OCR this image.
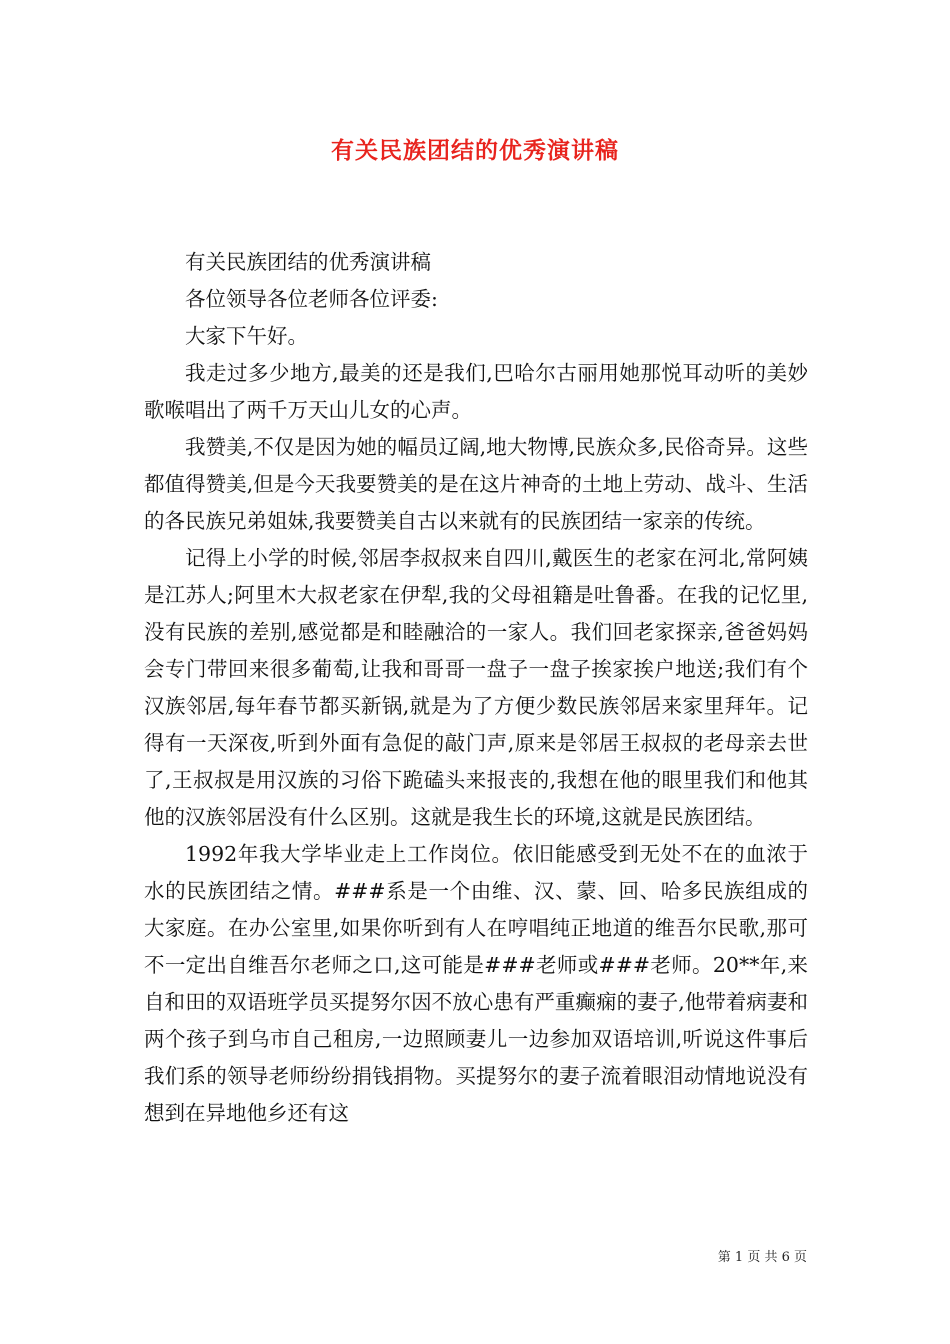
有关民族团结的优秀演讲稿

有关民族团结的优秀演讲稿

各位领导各位老师各位评委:

大家下午好。

我走过多少地方,最美的还是我们,巴哈尔古丽用她那悦耳动听的美妙歌喉唱出了两千万天山儿女的心声。

我赞美,不仅是因为她的幅员辽阔,地大物博,民族众多,民俗奇异。这些都值得赞美,但是今天我要赞美的是在这片神奇的土地上劳动、战斗、生活的各民族兄弟姐妹,我要赞美自古以来就有的民族团结一家亲的传统。

记得上小学的时候,邻居李叔叔来自四川,戴医生的老家在河北,常阿姨是江苏人;阿里木大叔老家在伊犁,我的父母祖籍是吐鲁番。在我的记忆里,没有民族的差别,感觉都是和睦融洽的一家人。我们回老家探亲,爸爸妈妈会专门带回来很多葡萄,让我和哥哥一盘子一盘子挨家挨户地送;我们有个汉族邻居,每年春节都买新锅,就是为了方便少数民族邻居来家里拜年。记得有一天深夜,听到外面有急促的敲门声,原来是邻居王叔叔的老母亲去世了,王叔叔是用汉族的习俗下跪磕头来报丧的,我想在他的眼里我们和他其他的汉族邻居没有什么区别。这就是我生长的环境,这就是民族团结。

1992年我大学毕业走上工作岗位。依旧能感受到无处不在的血浓于水的民族团结之情。###系是一个由维、汉、蒙、回、哈多民族组成的大家庭。在办公室里,如果你听到有人在哼唱纯正地道的维吾尔民歌,那可不一定出自维吾尔老师之口,这可能是###老师或###老师。20**年,来自和田的双语班学员买提努尔因不放心患有严重癫痫的妻子,他带着病妻和两个孩子到乌市自己租房,一边照顾妻儿一边参加双语培训,听说这件事后我们系的领导老师纷纷捐钱捐物。买提努尔的妻子流着眼泪动情地说没有想到在异地他乡还有这

第 1 页 共 6 页
